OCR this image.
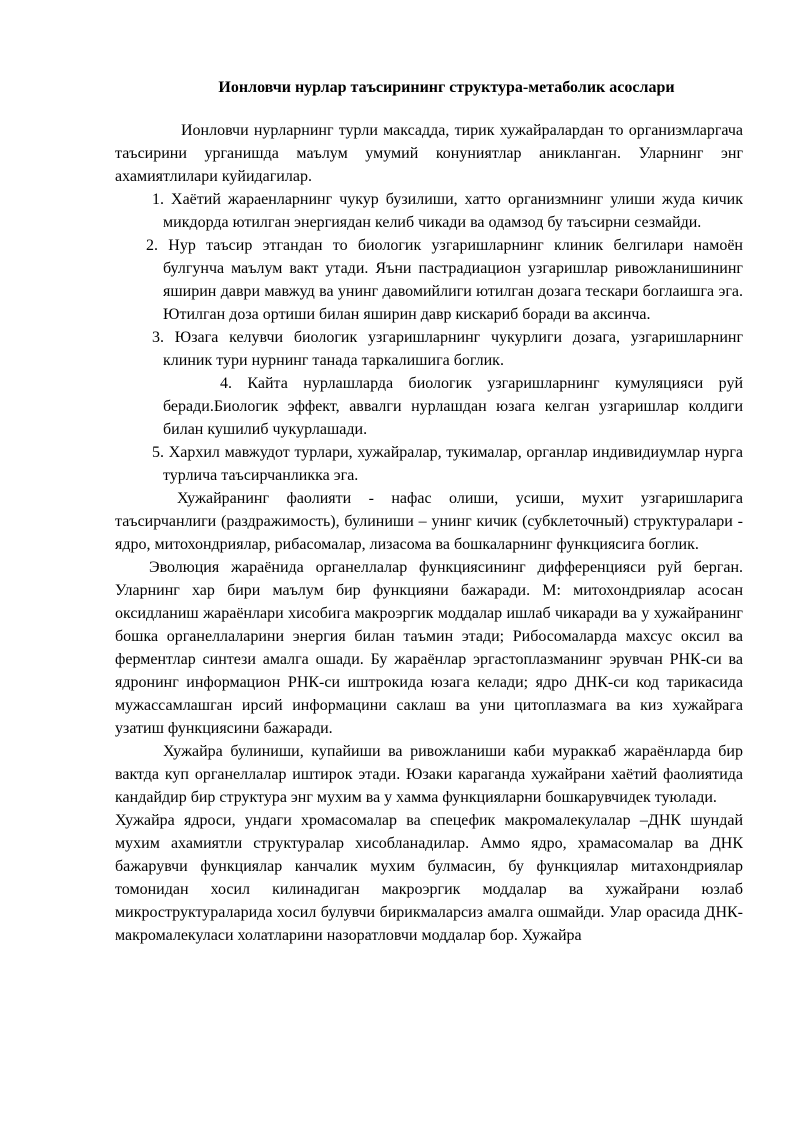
Ионловчи нурлар таъсирининг структура-метаболик асослари

Ионловчи нурларнинг турли максадда, тирик хужайралардан то организмларгача таъсирини урганишда маълум умумий конуниятлар аникланган. Уларнинг энг ахамиятлилари куйидагилар.

1. Хаётий жараенларнинг чукур бузилиши, хатто организмнинг улиши жуда кичик микдорда ютилган энергиядан келиб чикади ва одамзод бу таъсирни сезмайди.

2. Нур таъсир этгандан то биологик узгаришларнинг клиник белгилари намоён булгунча маълум вакт утади. Яъни пастрадиацион узгаришлар ривожланишининг яширин даври мавжуд ва унинг давомийлиги ютилган дозага тескари боглаишга эга. Ютилган доза ортиши билан яширин давр кискариб боради ва аксинча.

3. Юзага келувчи биологик узгаришларнинг чукурлиги дозага, узгаришларнинг клиник тури нурнинг танада таркалишига боглик.

4. Кайта нурлашларда биологик узгаришларнинг кумуляцияси руй беради.Биологик эффект, аввалги нурлашдан юзага келган узгаришлар колдиги билан кушилиб чукурлашади.

5. Хархил мавжудот турлари, хужайралар, тукималар, органлар индивидиумлар нурга турлича таъсирчанликка эга.

Хужайранинг фаолияти - нафас олиши, усиши, мухит узгаришларига таъсирчанлиги (раздражимость), булиниши – унинг кичик (субклеточный) структуралари - ядро, митохондриялар, рибасомалар, лизасома ва бошкаларнинг функциясига боглик.

Эволюция жараёнида органеллалар функциясининг дифференцияси руй берган. Уларнинг хар бири маълум бир функцияни бажаради. М: митохондриялар асосан оксидланиш жараёнлари хисобига макроэргик моддалар ишлаб чикаради ва у хужайранинг бошка органеллаларини энергия билан таъмин этади; Рибосомаларда махсус оксил ва ферментлар синтези амалга ошади. Бу жараёнлар эргастоплазманинг эрувчан РНК-си ва ядронинг информацион РНК-си иштрокида юзага келади; ядро ДНК-си код тарикасида мужассамлашган ирсий информацини саклаш ва уни цитоплазмага ва киз хужайрага узатиш функциясини бажаради.

Хужайра булиниши, купайиши ва ривожланиши каби мураккаб жараёнларда бир вактда куп органеллалар иштирок этади. Юзаки караганда хужайрани хаётий фаолиятида кандайдир бир структура энг мухим ва у хамма функцияларни бошкарувчидек туюлади.

Хужайра ядроси, ундаги хромасомалар ва спецефик макромалекулалар –ДНК шундай мухим ахамиятли структуралар хисобланадилар. Аммо ядро, храмасомалар ва ДНК бажарувчи функциялар канчалик мухим булмасин, бу функциялар митахондриялар томонидан хосил килинадиган макроэргик моддалар ва хужайрани юзлаб микроструктураларида хосил булувчи бирикмаларсиз амалга ошмайди. Улар орасида ДНК-макромалекуласи холатларини назоратловчи моддалар бор. Хужайра
